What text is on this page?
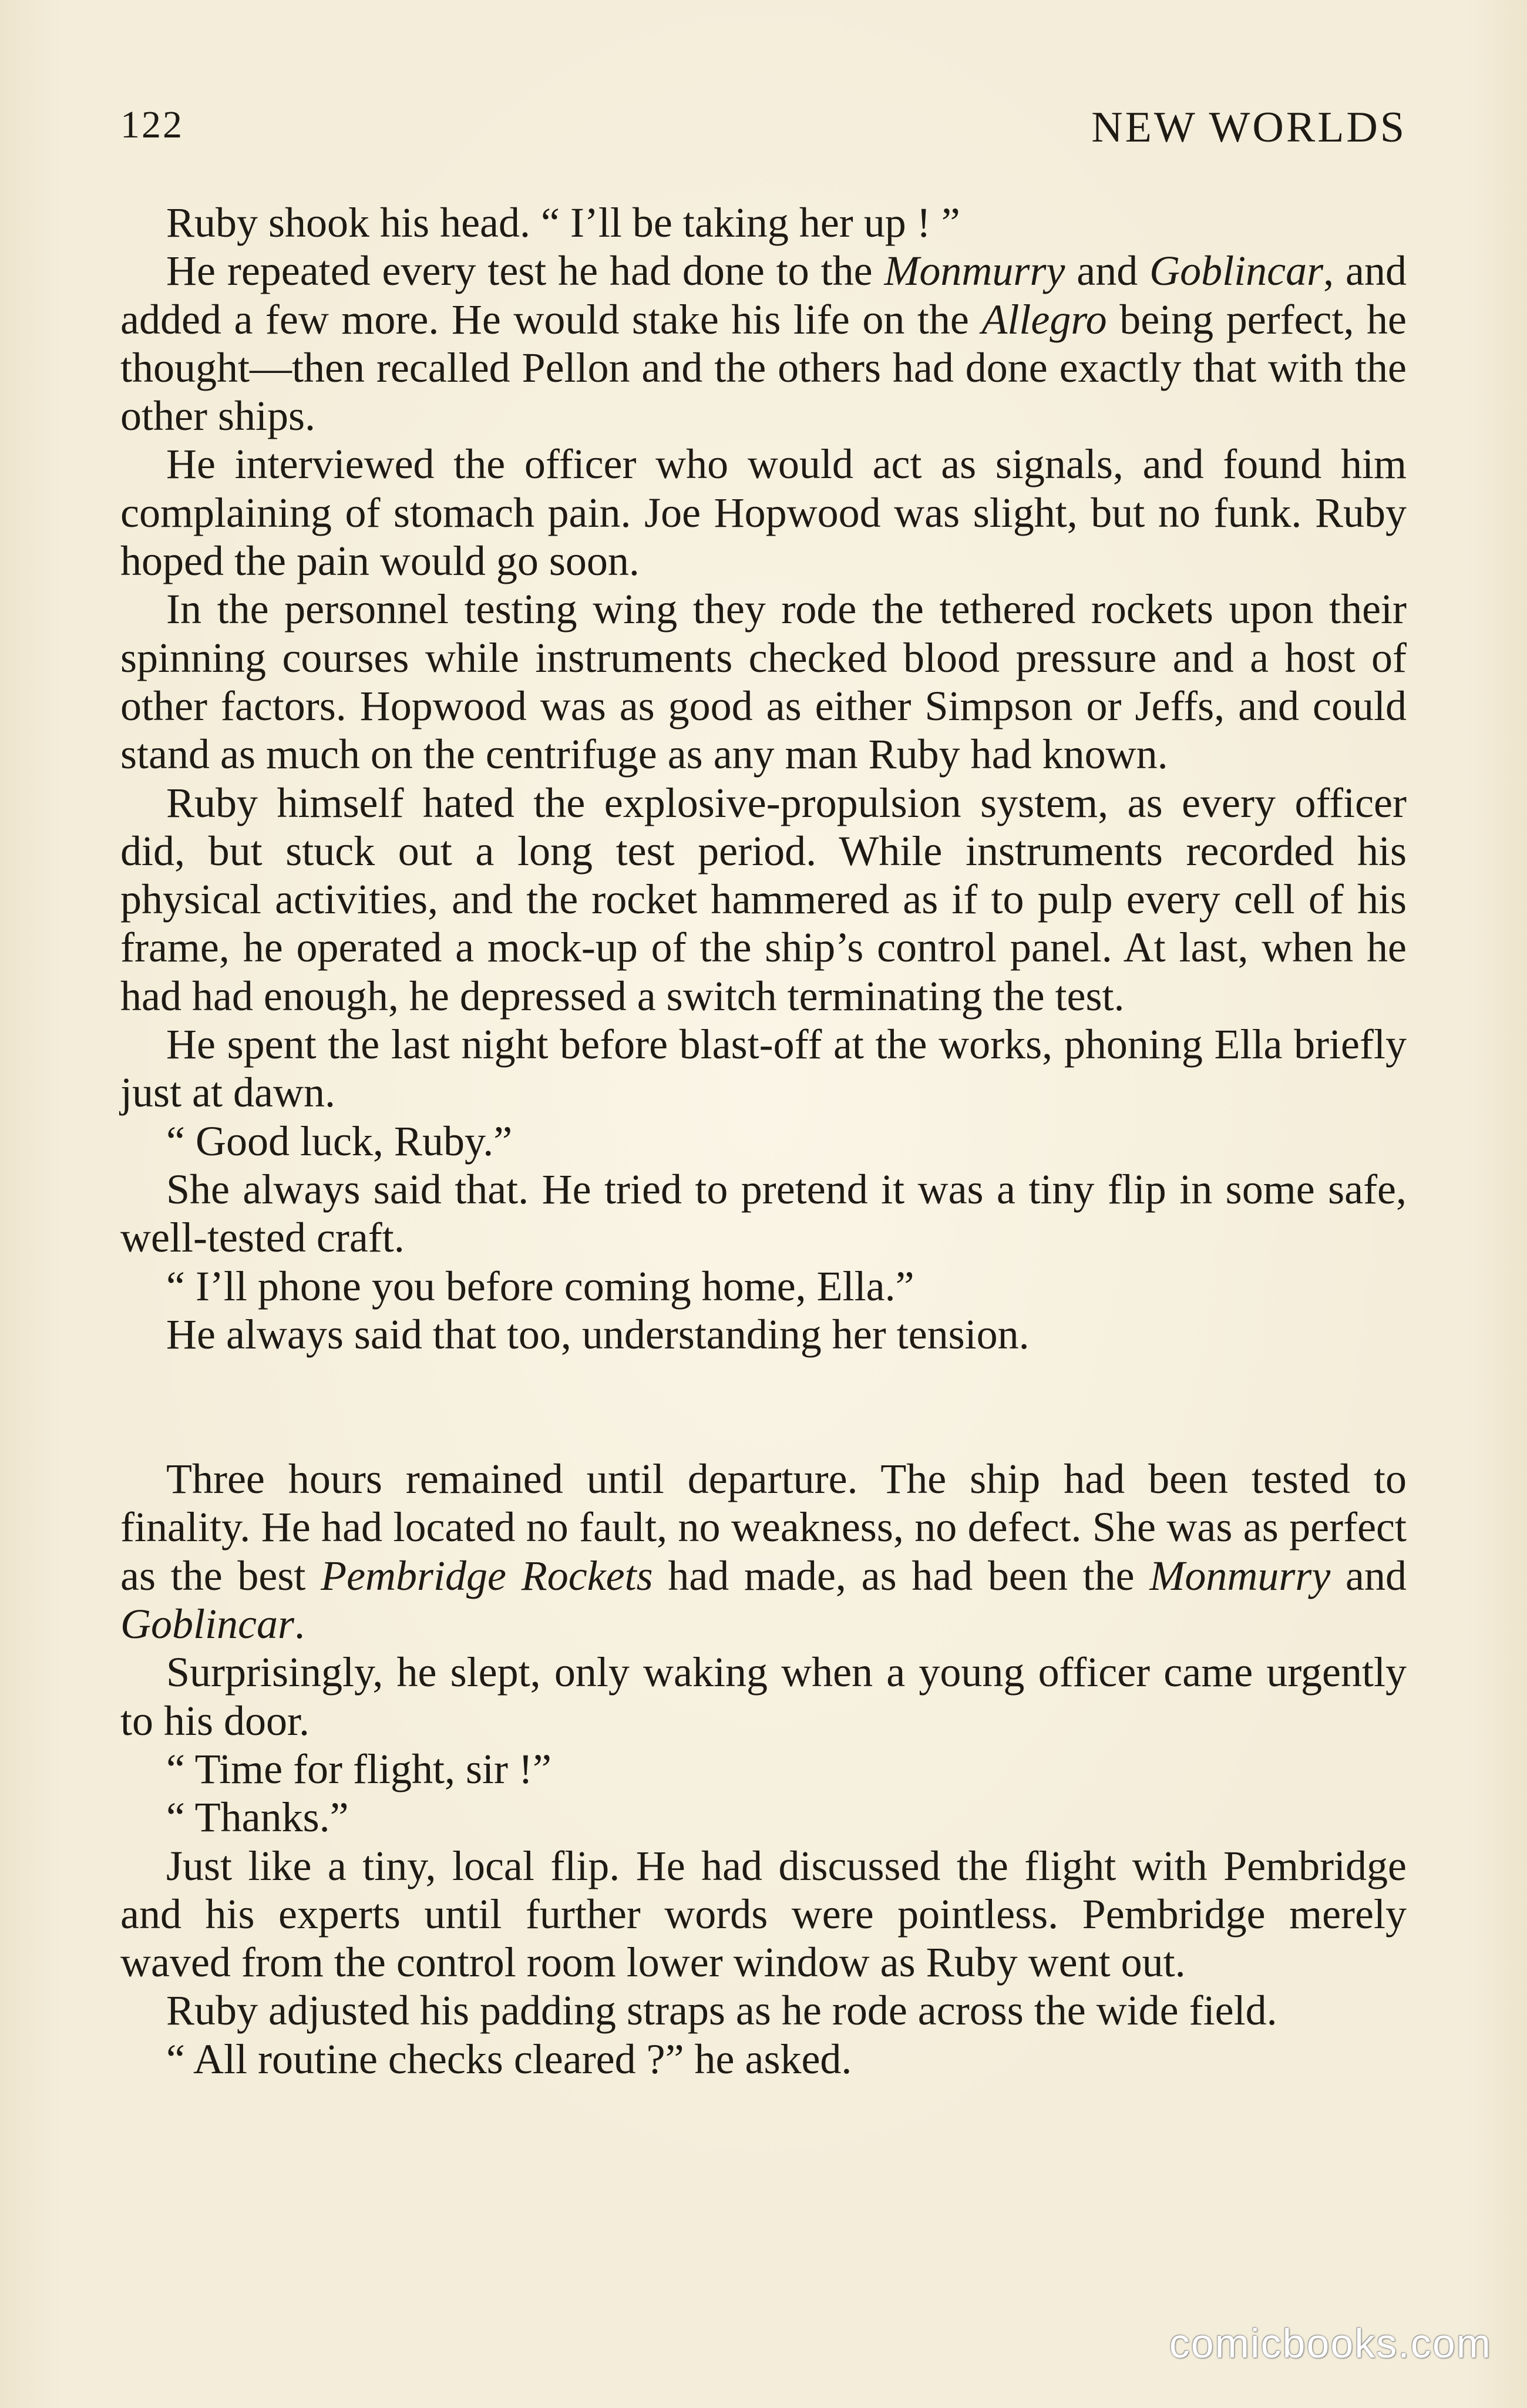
122	NEW WORLDS

Ruby shook his head. “ I’ll be taking her up ! ”

He repeated every test he had done to the Monmurry and Goblincar, and added a few more. He would stake his life on the Allegro being perfect, he thought—then recalled Pellon and the others had done exactly that with the other ships.

He interviewed the officer who would act as signals, and found him complaining of stomach pain. Joe Hopwood was slight, but no funk. Ruby hoped the pain would go soon.

In the personnel testing wing they rode the tethered rockets upon their spinning courses while instruments checked blood pressure and a host of other factors. Hopwood was as good as either Simpson or Jeffs, and could stand as much on the centrifuge as any man Ruby had known.

Ruby himself hated the explosive-propulsion system, as every officer did, but stuck out a long test period. While instruments recorded his physical activities, and the rocket hammered as if to pulp every cell of his frame, he operated a mock-up of the ship’s control panel. At last, when he had had enough, he depressed a switch terminating the test.

He spent the last night before blast-off at the works, phoning Ella briefly just at dawn.

“ Good luck, Ruby.”

She always said that. He tried to pretend it was a tiny flip in some safe, well-tested craft.

“ I’ll phone you before coming home, Ella.”

He always said that too, understanding her tension.

Three hours remained until departure. The ship had been tested to finality. He had located no fault, no weakness, no defect. She was as perfect as the best Pembridge Rockets had made, as had been the Monmurry and Goblincar.

Surprisingly, he slept, only waking when a young officer came urgently to his door.

“ Time for flight, sir !”

“ Thanks.”

Just like a tiny, local flip. He had discussed the flight with Pembridge and his experts until further words were pointless. Pembridge merely waved from the control room lower window as Ruby went out.

Ruby adjusted his padding straps as he rode across the wide field.

“ All routine checks cleared ?” he asked.

comicbooks.com
